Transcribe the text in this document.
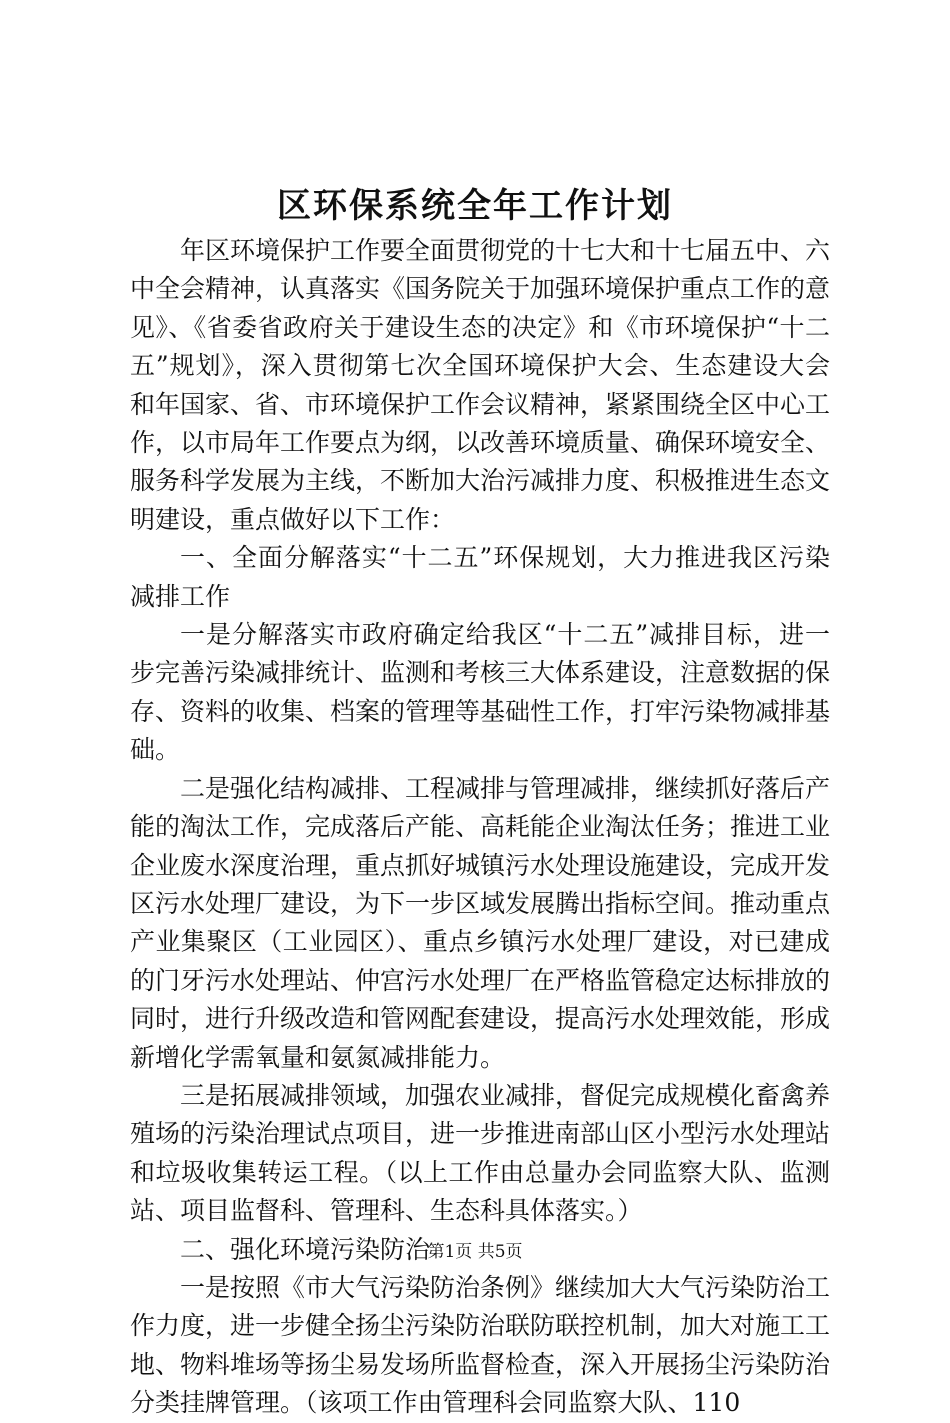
区环保系统全年工作计划

年区环境保护工作要全面贯彻党的十七大和十七届五中、六中全会精神，认真落实《国务院关于加强环境保护重点工作的意见》、《省委省政府关于建设生态的决定》和《市环境保护“十二五”规划》，深入贯彻第七次全国环境保护大会、生态建设大会和年国家、省、市环境保护工作会议精神，紧紧围绕全区中心工作，以市局年工作要点为纲，以改善环境质量、确保环境安全、服务科学发展为主线，不断加大治污减排力度、积极推进生态文明建设，重点做好以下工作：

一、全面分解落实“十二五”环保规划，大力推进我区污染减排工作

一是分解落实市政府确定给我区“十二五”减排目标，进一步完善污染减排统计、监测和考核三大体系建设，注意数据的保存、资料的收集、档案的管理等基础性工作，打牢污染物减排基础。

二是强化结构减排、工程减排与管理减排，继续抓好落后产能的淘汰工作，完成落后产能、高耗能企业淘汰任务；推进工业企业废水深度治理，重点抓好城镇污水处理设施建设，完成开发区污水处理厂建设，为下一步区域发展腾出指标空间。推动重点产业集聚区（工业园区）、重点乡镇污水处理厂建设，对已建成的门牙污水处理站、仲宫污水处理厂在严格监管稳定达标排放的同时，进行升级改造和管网配套建设，提高污水处理效能，形成新增化学需氧量和氨氮减排能力。

三是拓展减排领域，加强农业减排，督促完成规模化畜禽养殖场的污染治理试点项目，进一步推进南部山区小型污水处理站和垃圾收集转运工程。（以上工作由总量办会同监察大队、监测站、项目监督科、管理科、生态科具体落实。）

二、强化环境污染防治

一是按照《市大气污染防治条例》继续加大大气污染防治工作力度，进一步健全扬尘污染防治联防联控机制，加大对施工工地、物料堆场等扬尘易发场所监督检查，深入开展扬尘污染防治分类挂牌管理。（该项工作由管理科会同监察大队、110

第1页 共5页
